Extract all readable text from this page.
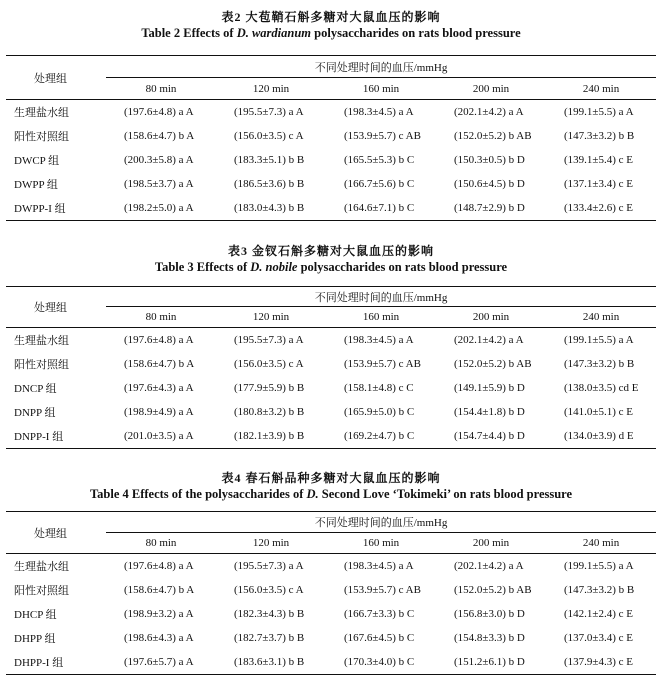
表2 大苞鞘石斛多糖对大鼠血压的影响
Table 2 Effects of D. wardianum polysaccharides on rats blood pressure
处理组	不同处理时间的血压/mmHg				
	80 min	120 min	160 min	200 min	240 min
生理盐水组	(197.6±4.8) a A	(195.5±7.3) a A	(198.3±4.5) a A	(202.1±4.2) a A	(199.1±5.5) a A
阳性对照组	(158.6±4.7) b A	(156.0±3.5) c A	(153.9±5.7) c AB	(152.0±5.2) b AB	(147.3±3.2) b B
DWCP 组	(200.3±5.8) a A	(183.3±5.1) b B	(165.5±5.3) b C	(150.3±0.5) b D	(139.1±5.4) c E
DWPP 组	(198.5±3.7) a A	(186.5±3.6) b B	(166.7±5.6) b C	(150.6±4.5) b D	(137.1±3.4) c E
DWPP-I 组	(198.2±5.0) a A	(183.0±4.3) b B	(164.6±7.1) b C	(148.7±2.9) b D	(133.4±2.6) c E
表3 金钗石斛多糖对大鼠血压的影响
Table 3 Effects of D. nobile polysaccharides on rats blood pressure
处理组	不同处理时间的血压/mmHg				
	80 min	120 min	160 min	200 min	240 min
生理盐水组	(197.6±4.8) a A	(195.5±7.3) a A	(198.3±4.5) a A	(202.1±4.2) a A	(199.1±5.5) a A
阳性对照组	(158.6±4.7) b A	(156.0±3.5) c A	(153.9±5.7) c AB	(152.0±5.2) b AB	(147.3±3.2) b B
DNCP 组	(197.6±4.3) a A	(177.9±5.9) b B	(158.1±4.8) c C	(149.1±5.9) b D	(138.0±3.5) cd E
DNPP 组	(198.9±4.9) a A	(180.8±3.2) b B	(165.9±5.0) b C	(154.4±1.8) b D	(141.0±5.1) c E
DNPP-I 组	(201.0±3.5) a A	(182.1±3.9) b B	(169.2±4.7) b C	(154.7±4.4) b D	(134.0±3.9) d E
表4 春石斛品种多糖对大鼠血压的影响
Table 4 Effects of the polysaccharides of D. Second Love ‘Tokimeki’ on rats blood pressure
处理组	不同处理时间的血压/mmHg				
	80 min	120 min	160 min	200 min	240 min
生理盐水组	(197.6±4.8) a A	(195.5±7.3) a A	(198.3±4.5) a A	(202.1±4.2) a A	(199.1±5.5) a A
阳性对照组	(158.6±4.7) b A	(156.0±3.5) c A	(153.9±5.7) c AB	(152.0±5.2) b AB	(147.3±3.2) b B
DHCP 组	(198.9±3.2) a A	(182.3±4.3) b B	(166.7±3.3) b C	(156.8±3.0) b D	(142.1±2.4) c E
DHPP 组	(198.6±4.3) a A	(182.7±3.7) b B	(167.6±4.5) b C	(154.8±3.3) b D	(137.0±3.4) c E
DHPP-I 组	(197.6±5.7) a A	(183.6±3.1) b B	(170.3±4.0) b C	(151.2±6.1) b D	(137.9±4.3) c E
